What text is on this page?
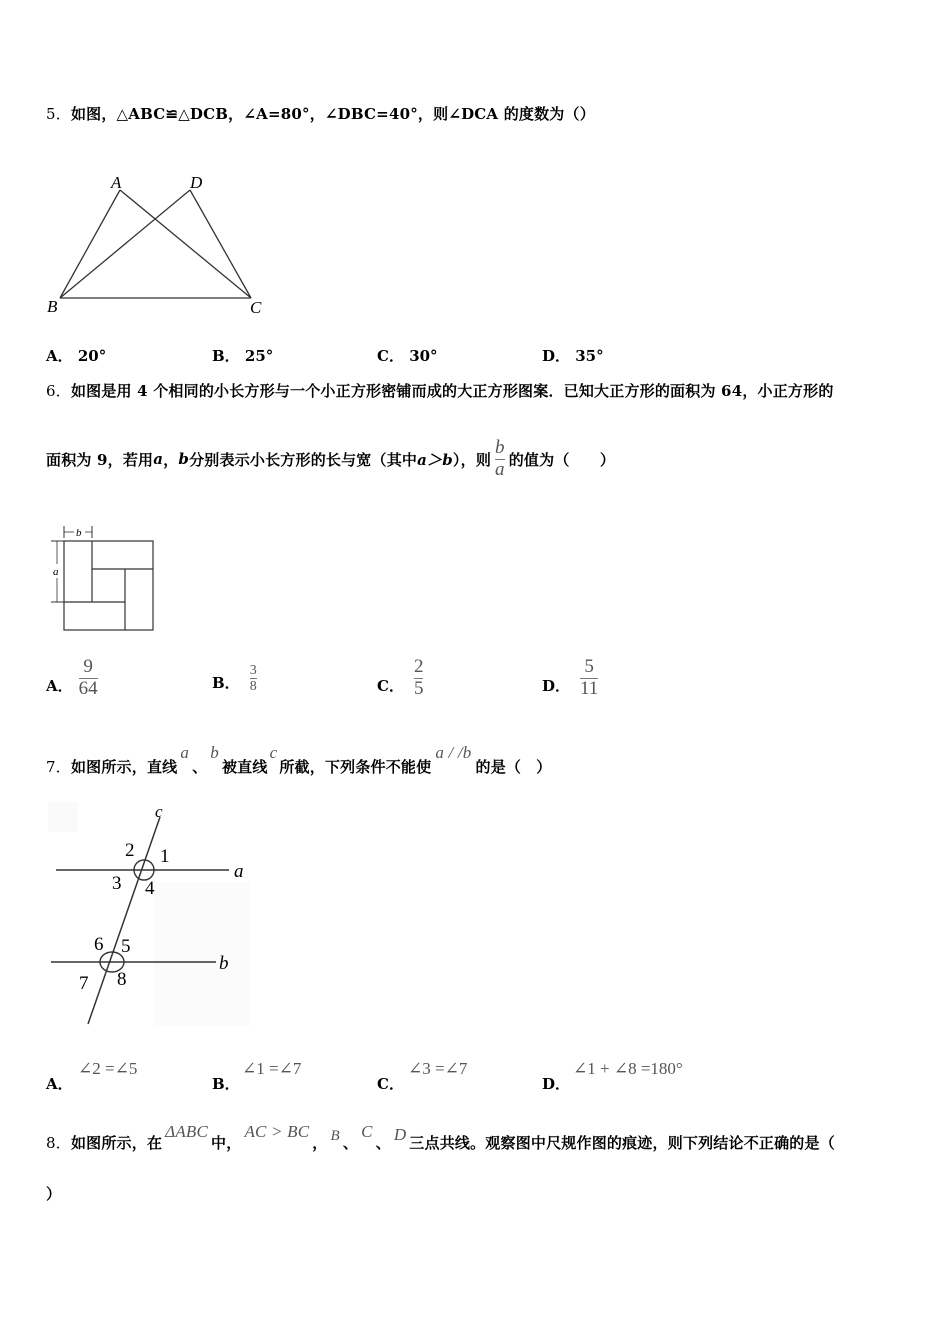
5．如图，△ABC≌△DCB，∠A=80°，∠DBC=40°，则∠DCA 的度数为（）
A	D
B	C
A． 20°	B． 25°	C． 30°	D． 35°
6．如图是用 4 个相同的小长方形与一个小正方形密铺而成的大正方形图案．已知大正方形的面积为 64，小正方形的
面积为 9，若用 a ， b 分别表示小长方形的长与宽（其中 a＞b ），则 $\frac{b}{a}$ 的值为（　　）
b
a
A． $\frac{9}{64}$	B． $\frac{3}{8}$	C． $\frac{2}{5}$	D． $\frac{5}{11}$
7．如图所示，直线a、b被直线c所截，下列条件不能使a / /b的是（　）
c
a
b
2 1
3 4
6 5
7 8
A．
∠2 =∠5
B．
∠1 =∠7
C．
∠3 =∠7
D．
∠1 + ∠8 =180°
8．如图所示，在ΔABC中，AC > BC， B 、C、 D 三点共线。观察图中尺规作图的痕迹，则下列结论不正确的是（
）
